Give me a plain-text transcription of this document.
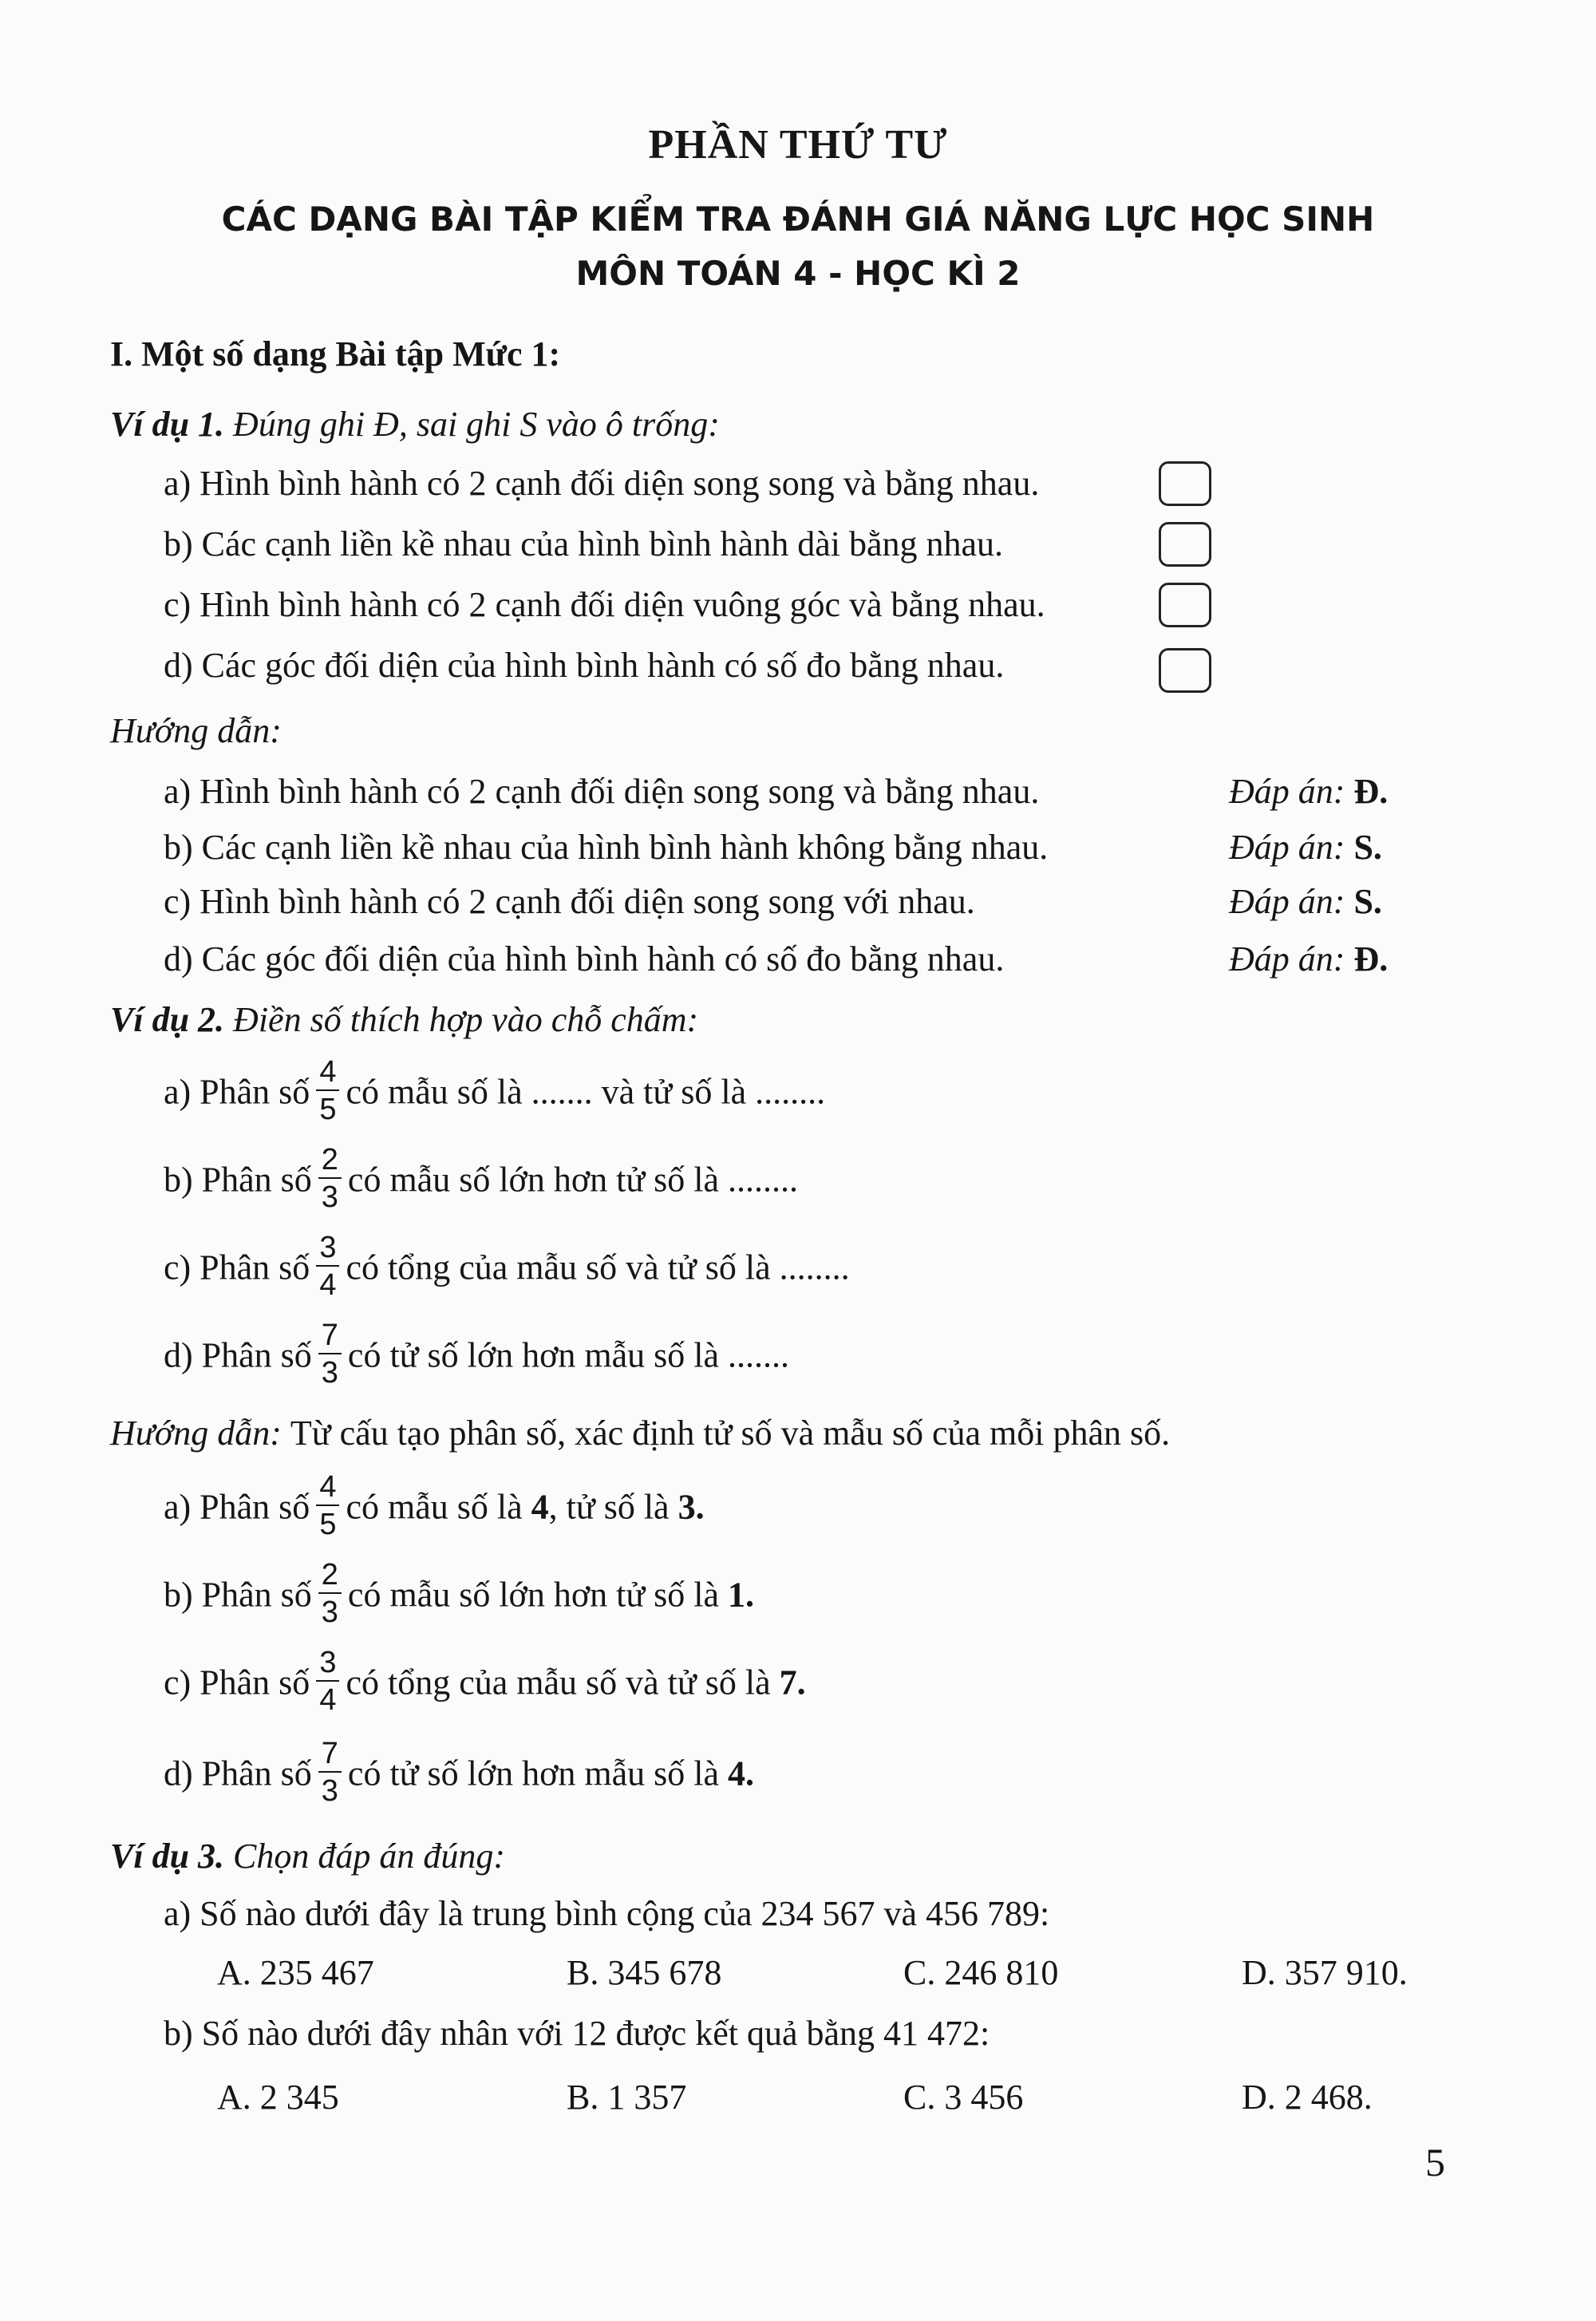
PHẦN THỨ TƯ
CÁC DẠNG BÀI TẬP KIỂM TRA ĐÁNH GIÁ NĂNG LỰC HỌC SINH
MÔN TOÁN 4 - HỌC KÌ 2
I. Một số dạng Bài tập Mức 1:
Ví dụ 1. Đúng ghi Đ, sai ghi S vào ô trống:
a) Hình bình hành có 2 cạnh đối diện song song và bằng nhau.
b) Các cạnh liền kề nhau của hình bình hành dài bằng nhau.
c) Hình bình hành có 2 cạnh đối diện vuông góc và bằng nhau.
d) Các góc đối diện của hình bình hành có số đo bằng nhau.
Hướng dẫn:
a) Hình bình hành có 2 cạnh đối diện song song và bằng nhau.	Đáp án: Đ.
b) Các cạnh liền kề nhau của hình bình hành không bằng nhau.	Đáp án: S.
c) Hình bình hành có 2 cạnh đối diện song song với nhau.	Đáp án: S.
d) Các góc đối diện của hình bình hành có số đo bằng nhau.	Đáp án: Đ.
Ví dụ 2. Điền số thích hợp vào chỗ chấm:
a) Phân số $\frac{4}{5}$ có mẫu số là ....... và tử số là ........
b) Phân số $\frac{2}{3}$ có mẫu số lớn hơn tử số là ........
c) Phân số $\frac{3}{4}$ có tổng của mẫu số và tử số là ........
d) Phân số $\frac{7}{3}$ có tử số lớn hơn mẫu số là .......
Hướng dẫn: Từ cấu tạo phân số, xác định tử số và mẫu số của mỗi phân số.
a) Phân số $\frac{4}{5}$ có mẫu số là 4, tử số là 3.
b) Phân số $\frac{2}{3}$ có mẫu số lớn hơn tử số là 1.
c) Phân số $\frac{3}{4}$ có tổng của mẫu số và tử số là 7.
d) Phân số $\frac{7}{3}$ có tử số lớn hơn mẫu số là 4.
Ví dụ 3. Chọn đáp án đúng:
a) Số nào dưới đây là trung bình cộng của 234 567 và 456 789:
A. 235 467	B. 345 678	C. 246 810	D. 357 910.
b) Số nào dưới đây nhân với 12 được kết quả bằng 41 472:
A. 2 345	B. 1 357	C. 3 456	D. 2 468.
5
